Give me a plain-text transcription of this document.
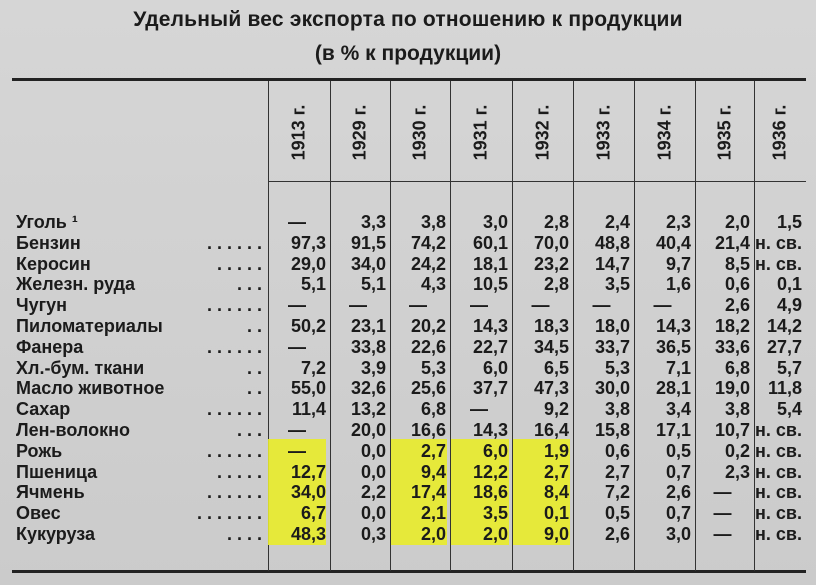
Удельный вес экспорта по отношению к продукции
(в % к продукции)
1913 г. 1929 г. 1930 г. 1931 г. 1932 г. 1933 г. 1934 г. 1935 г. 1936 г.
Уголь ¹	—	3,3	3,8	3,0	2,8	2,4	2,3	2,0	1,5
Бензин	. . . . . .	97,3	91,5	74,2	60,1	70,0	48,8	40,4	21,4 н. св.
Керосин	. . . . .	29,0	34,0	24,2	18,1	23,2	14,7	9,7	8,5 н. св.
Железн. руда	. . .	5,1	5,1	4,3	10,5	2,8	3,5	1,6	0,6	0,1
Чугун	. . . . . .	—	—	—	—	—	—	—	2,6	4,9
Пиломатериалы	. .	50,2	23,1	20,2	14,3	18,3	18,0	14,3	18,2 14,2
Фанера	. . . . . .	—	33,8	22,6	22,7	34,5	33,7	36,5	33,6 27,7
Хл.-бум. ткани	. .	7,2	3,9	5,3	6,0	6,5	5,3	7,1	6,8	5,7
Масло животное	. .	55,0	32,6	25,6	37,7	47,3	30,0	28,1	19,0 11,8
Сахар	. . . . . .	11,4	13,2	6,8	—	9,2	3,8	3,4	3,8	5,4
Лен-волокно	. . .	—	20,0	16,6	14,3	16,4	15,8	17,1	10,7 н. св.
Рожь	. . . . . .	—	0,0	2,7	6,0	1,9	0,6	0,5	0,2 н. св.
Пшеница	. . . . .	12,7	0,0	9,4	12,2	2,7	2,7	0,7	2,3 н. св.
Ячмень	. . . . . .	34,0	2,2	17,4	18,6	8,4	7,2	2,6	—	н. св.
Овес	. . . . . . .	6,7	0,0	2,1	3,5	0,1	0,5	0,7	—	н. св.
Кукуруза	. . . .	48,3	0,3	2,0	2,0	9,0	2,6	3,0	—	н. св.
